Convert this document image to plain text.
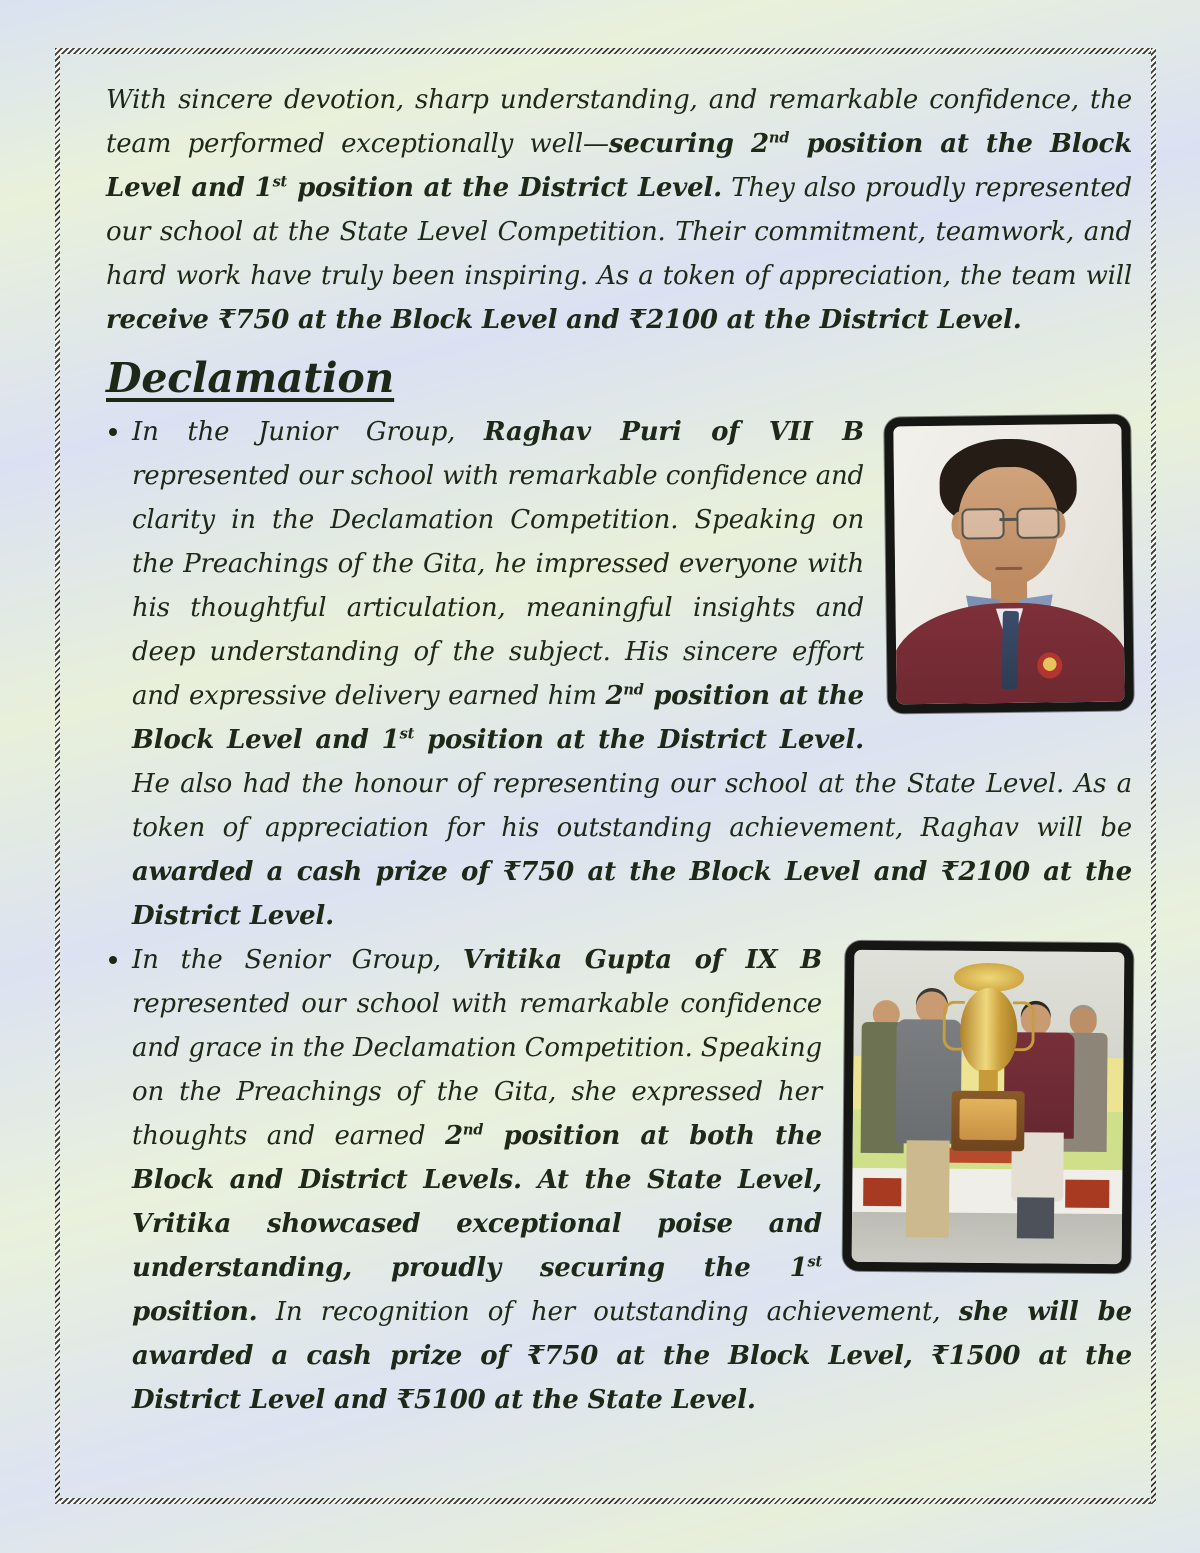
With sincere devotion, sharp understanding, and remarkable confidence, the team performed exceptionally well—securing 2nd position at the Block Level and 1st position at the District Level. They also proudly represented our school at the State Level Competition. Their commitment, teamwork, and hard work have truly been inspiring. As a token of appreciation, the team will receive ₹750 at the Block Level and ₹2100 at the District Level.

Declamation
In the Junior Group, Raghav Puri of VII B represented our school with remarkable confidence and clarity in the Declamation Competition. Speaking on the Preachings of the Gita, he impressed everyone with his thoughtful articulation, meaningful insights and deep understanding of the subject. His sincere effort and expressive delivery earned him 2nd position at the Block Level and 1st position at the District Level. He also had the honour of representing our school at the State Level. As a token of appreciation for his outstanding achievement, Raghav will be awarded a cash prize of ₹750 at the Block Level and ₹2100 at the District Level.
In the Senior Group, Vritika Gupta of IX B represented our school with remarkable confidence and grace in the Declamation Competition. Speaking on the Preachings of the Gita, she expressed her thoughts and earned 2nd position at both the Block and District Levels. At the State Level, Vritika showcased exceptional poise and understanding, proudly securing the 1st position. In recognition of her outstanding achievement, she will be awarded a cash prize of ₹750 at the Block Level, ₹1500 at the District Level and ₹5100 at the State Level.
